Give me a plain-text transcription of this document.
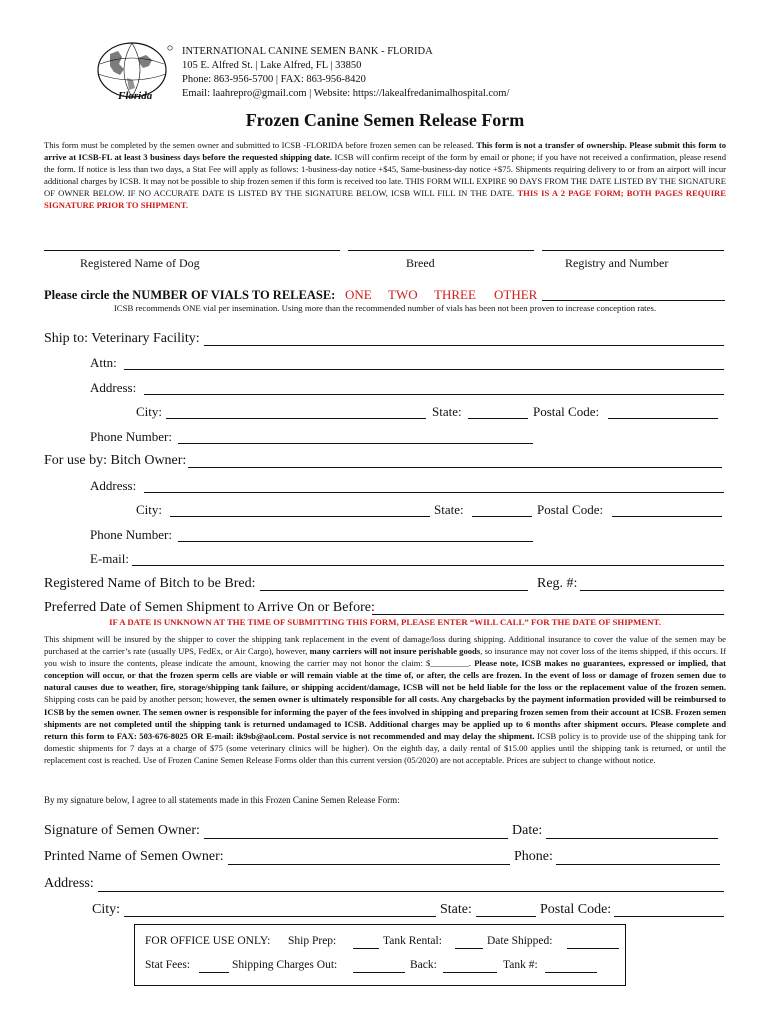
Florida
INTERNATIONAL CANINE SEMEN BANK - FLORIDA
105 E. Alfred St. | Lake Alfred, FL | 33850
Phone: 863-956-5700 | FAX: 863-956-8420
Email: laahrepro@gmail.com | Website: https://lakealfredanimalhospital.com/
Frozen Canine Semen Release Form
This form must be completed by the semen owner and submitted to ICSB -FLORIDA before frozen semen can be released. This form is not a transfer of ownership. Please submit this form to arrive at ICSB-FL at least 3 business days before the requested shipping date. ICSB will confirm receipt of the form by email or phone; if you have not received a confirmation, please resend the form. If notice is less than two days, a Stat Fee will apply as follows: 1-business-day notice +$45, Same-business-day notice +$75. Shipments requiring delivery to or from an airport will incur additional charges by ICSB. It may not be possible to ship frozen semen if this form is received too late. THIS FORM WILL EXPIRE 90 DAYS FROM THE DATE LISTED BY THE SIGNATURE OF OWNER BELOW. IF NO ACCURATE DATE IS LISTED BY THE SIGNATURE BELOW, ICSB WILL FILL IN THE DATE. THIS IS A 2 PAGE FORM; BOTH PAGES REQUIRE SIGNATURE PRIOR TO SHIPMENT.
Registered Name of Dog	Breed	Registry and Number
Please circle the NUMBER OF VIALS TO RELEASE: ONE TWO THREE OTHER
ICSB recommends ONE vial per insemination. Using more than the recommended number of vials has been not been proven to increase conception rates.
Ship to: Veterinary Facility:
Attn:
Address:
City:	State:	Postal Code:
Phone Number:
For use by: Bitch Owner:
Address:
City:	State:	Postal Code:
Phone Number:
E-mail:
Registered Name of Bitch to be Bred:	Reg. #:
Preferred Date of Semen Shipment to Arrive On or Before:
IF A DATE IS UNKNOWN AT THE TIME OF SUBMITTING THIS FORM, PLEASE ENTER “WILL CALL” FOR THE DATE OF SHIPMENT.
This shipment will be insured by the shipper to cover the shipping tank replacement in the event of damage/loss during shipping. Additional insurance to cover the value of the semen may be purchased at the carrier’s rate (usually UPS, FedEx, or Air Cargo), however, many carriers will not insure perishable goods, so insurance may not cover loss of the items shipped, if this occurs. If you wish to insure the contents, please indicate the amount, knowing the carrier may not honor the claim: $_________. Please note, ICSB makes no guarantees, expressed or implied, that conception will occur, or that the frozen sperm cells are viable or will remain viable at the time of, or after, the cells are frozen. In the event of loss or damage of frozen semen due to natural causes due to weather, fire, storage/shipping tank failure, or shipping accident/damage, ICSB will not be held liable for the loss or the replacement value of the frozen semen. Shipping costs can be paid by another person; however, the semen owner is ultimately responsible for all costs. Any chargebacks by the payment information provided will be reimbursed to ICSB by the semen owner. The semen owner is responsible for informing the payer of the fees involved in shipping and preparing frozen semen from their account at ICSB. Frozen semen shipments are not completed until the shipping tank is returned undamaged to ICSB. Additional charges may be applied up to 6 months after shipment occurs. Please complete and return this form to FAX: 503-676-8025 OR E-mail: ik9sb@aol.com. Postal service is not recommended and may delay the shipment. ICSB policy is to provide use of the shipping tank for domestic shipments for 7 days at a charge of $75 (some veterinary clinics will be higher). On the eighth day, a daily rental of $15.00 applies until the shipping tank is returned, or until the replacement cost is reached. Use of Frozen Canine Semen Release Forms older than this current version (05/2020) are not acceptable. Prices are subject to change without notice.
By my signature below, I agree to all statements made in this Frozen Canine Semen Release Form:
Signature of Semen Owner:	Date:
Printed Name of Semen Owner:	Phone:
Address:
City:	State:	Postal Code:
FOR OFFICE USE ONLY: Ship Prep:	Tank Rental:	Date Shipped:
Stat Fees:	Shipping Charges Out:	Back:	Tank #:
